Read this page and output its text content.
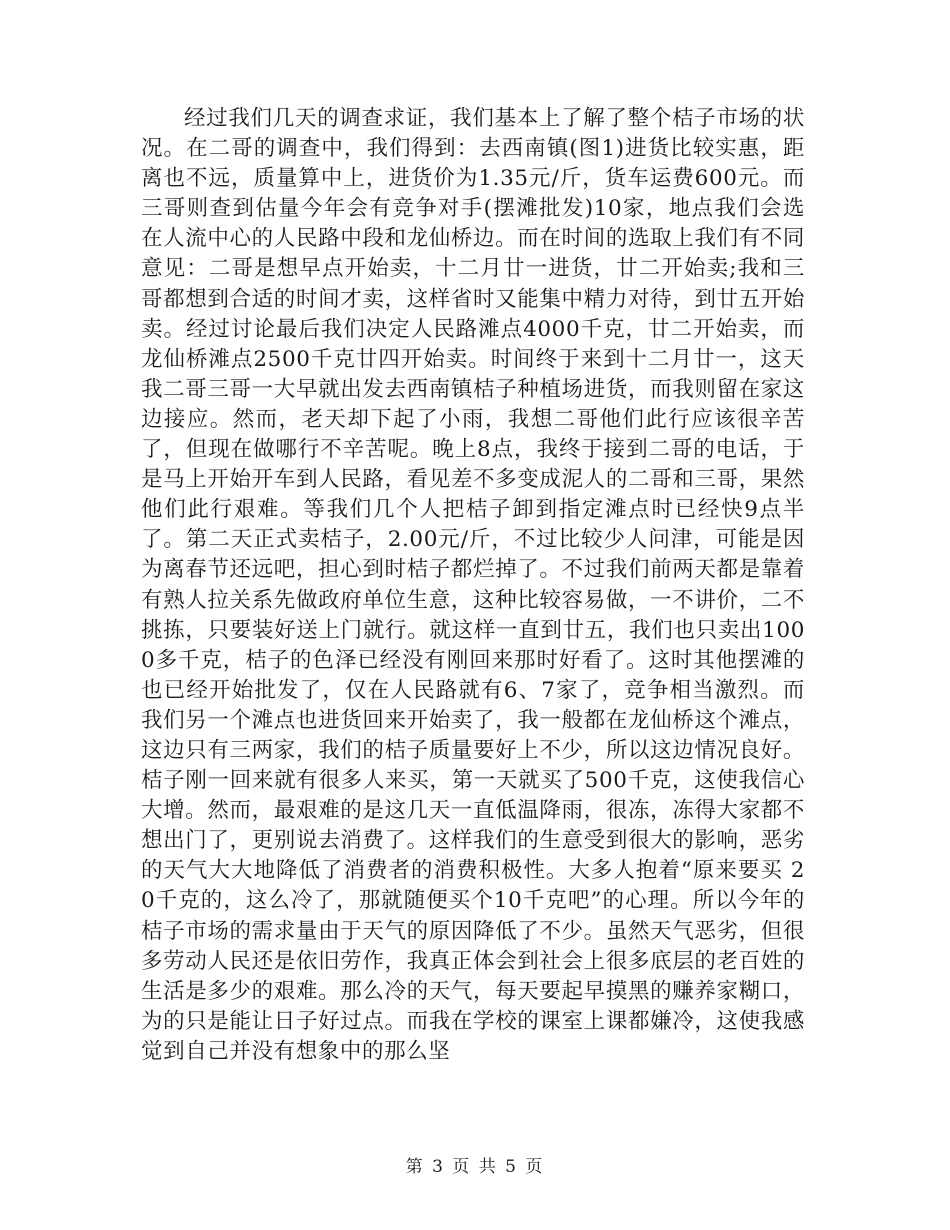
经过我们几天的调查求证，我们基本上了解了整个桔子市场的状况。在二哥的调查中，我们得到：去西南镇(图1)进货比较实惠，距离也不远，质量算中上，进货价为1.35元/斤，货车运费600元。而三哥则查到估量今年会有竞争对手(摆滩批发)10家，地点我们会选在人流中心的人民路中段和龙仙桥边。而在时间的选取上我们有不同意见：二哥是想早点开始卖，十二月廿一进货，廿二开始卖;我和三哥都想到合适的时间才卖，这样省时又能集中精力对待，到廿五开始卖。经过讨论最后我们决定人民路滩点4000千克，廿二开始卖，而龙仙桥滩点2500千克廿四开始卖。时间终于来到十二月廿一，这天我二哥三哥一大早就出发去西南镇桔子种植场进货，而我则留在家这边接应。然而，老天却下起了小雨，我想二哥他们此行应该很辛苦了，但现在做哪行不辛苦呢。晚上8点，我终于接到二哥的电话，于是马上开始开车到人民路，看见差不多变成泥人的二哥和三哥，果然他们此行艰难。等我们几个人把桔子卸到指定滩点时已经快9点半了。第二天正式卖桔子，2.00元/斤，不过比较少人问津，可能是因为离春节还远吧，担心到时桔子都烂掉了。不过我们前两天都是靠着有熟人拉关系先做政府单位生意，这种比较容易做，一不讲价，二不挑拣，只要装好送上门就行。就这样一直到廿五，我们也只卖出1000多千克，桔子的色泽已经没有刚回来那时好看了。这时其他摆滩的也已经开始批发了，仅在人民路就有6、7家了，竞争相当激烈。而我们另一个滩点也进货回来开始卖了，我一般都在龙仙桥这个滩点，这边只有三两家，我们的桔子质量要好上不少，所以这边情况良好。桔子刚一回来就有很多人来买，第一天就买了500千克，这使我信心大增。然而，最艰难的是这几天一直低温降雨，很冻，冻得大家都不想出门了，更别说去消费了。这样我们的生意受到很大的影响，恶劣的天气大大地降低了消费者的消费积极性。大多人抱着“原来要买 20千克的，这么冷了，那就随便买个10千克吧”的心理。所以今年的桔子市场的需求量由于天气的原因降低了不少。虽然天气恶劣，但很多劳动人民还是依旧劳作，我真正体会到社会上很多底层的老百姓的生活是多少的艰难。那么冷的天气，每天要起早摸黑的赚养家糊口，为的只是能让日子好过点。而我在学校的课室上课都嫌冷，这使我感觉到自己并没有想象中的那么坚

第 3 页 共 5 页
